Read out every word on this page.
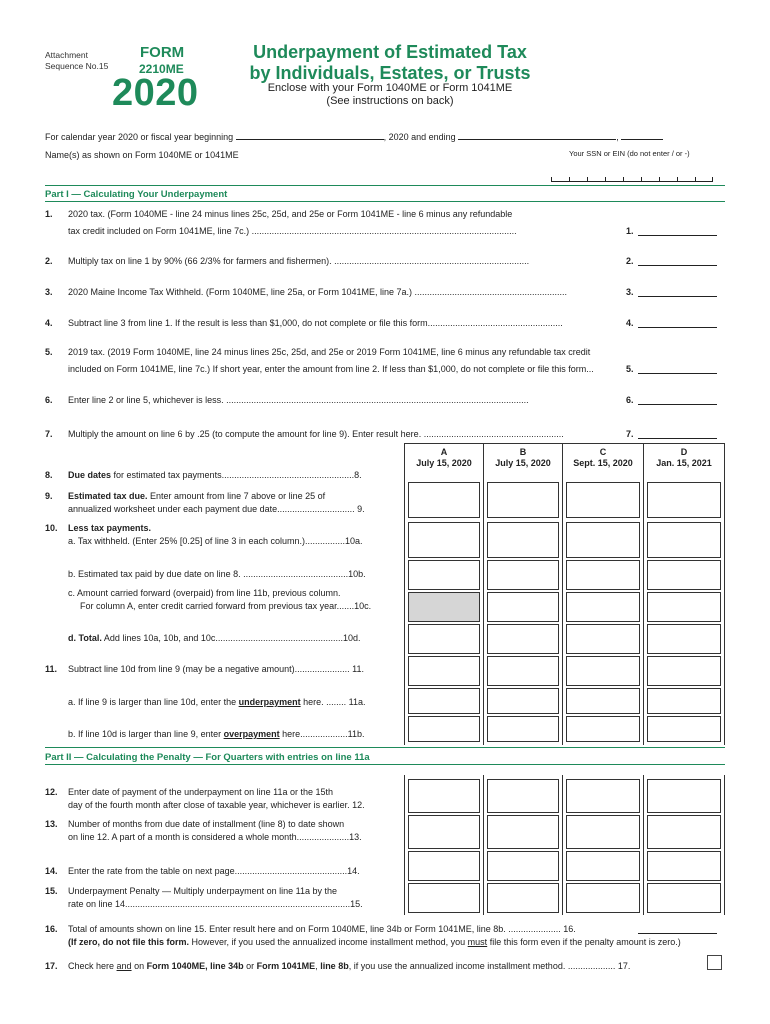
Attachment
Sequence No.15
FORM
2210ME
2020
Underpayment of Estimated Tax
by Individuals, Estates, or Trusts
Enclose with your Form 1040ME or Form 1041ME
(See instructions on back)
For calendar year 2020 or fiscal year beginning	, 2020 and ending	,
Name(s) as shown on Form 1040ME or 1041ME	Your SSN or EIN (do not enter / or -)
Part I — Calculating Your Underpayment
1. 2020 tax. (Form 1040ME - line 24 minus lines 25c, 25d, and 25e or Form 1041ME - line 6 minus any refundable
tax credit included on Form 1041ME, line 7c.) ..........................................................................................................	1.
2. Multiply tax on line 1 by 90% (66 2/3% for farmers and fishermen). ..............................................................................	2.
3. 2020 Maine Income Tax Withheld. (Form 1040ME, line 25a, or Form 1041ME, line 7a.) .............................................................	3.
4. Subtract line 3 from line 1. If the result is less than $1,000, do not complete or file this form......................................................	4.
5. 2019 tax. (2019 Form 1040ME, line 24 minus lines 25c, 25d, and 25e or 2019 Form 1041ME, line 6 minus any refundable tax credit
included on Form 1041ME, line 7c.) If short year, enter the amount from line 2. If less than $1,000, do not complete or file this form...	5.
6. Enter line 2 or line 5, whichever is less. .........................................................................................................................	6.
7. Multiply the amount on line 6 by .25 (to compute the amount for line 9). Enter result here. ........................................................	7.
A
July 15, 2020
B
July 15, 2020
C
Sept. 15, 2020
D
Jan. 15, 2021
8. Due dates for estimated tax payments.....................................................8.
9. Estimated tax due. Enter amount from line 7 above or line 25 of
annualized worksheet under each payment due date............................... 9.
10. Less tax payments.
a. Tax withheld. (Enter 25% [0.25] of line 3 in each column.)................10a.
b. Estimated tax paid by due date on line 8. ..........................................10b.
c. Amount carried forward (overpaid) from line 11b, previous column.
For column A, enter credit carried forward from previous tax year.......10c.
d. Total. Add lines 10a, 10b, and 10c...................................................10d.
11. Subtract line 10d from line 9 (may be a negative amount)...................... 11.
a. If line 9 is larger than line 10d, enter the underpayment here. ........ 11a.
b. If line 10d is larger than line 9, enter overpayment here...................11b.
Part II — Calculating the Penalty — For Quarters with entries on line 11a
12. Enter date of payment of the underpayment on line 11a or the 15th
day of the fourth month after close of taxable year, whichever is earlier. 12.
13. Number of months from due date of installment (line 8) to date shown
on line 12. A part of a month is considered a whole month.....................13.
14. Enter the rate from the table on next page.............................................14.
15. Underpayment Penalty — Multiply underpayment on line 11a by the
rate on line 14..........................................................................................15.
16. Total of amounts shown on line 15. Enter result here and on Form 1040ME, line 34b or Form 1041ME, line 8b. ..................... 16.
(If zero, do not file this form. However, if you used the annualized income installment method, you must file this form even if the penalty amount is zero.)
17. Check here and on Form 1040ME, line 34b or Form 1041ME, line 8b, if you use the annualized income installment method. ................... 17.
